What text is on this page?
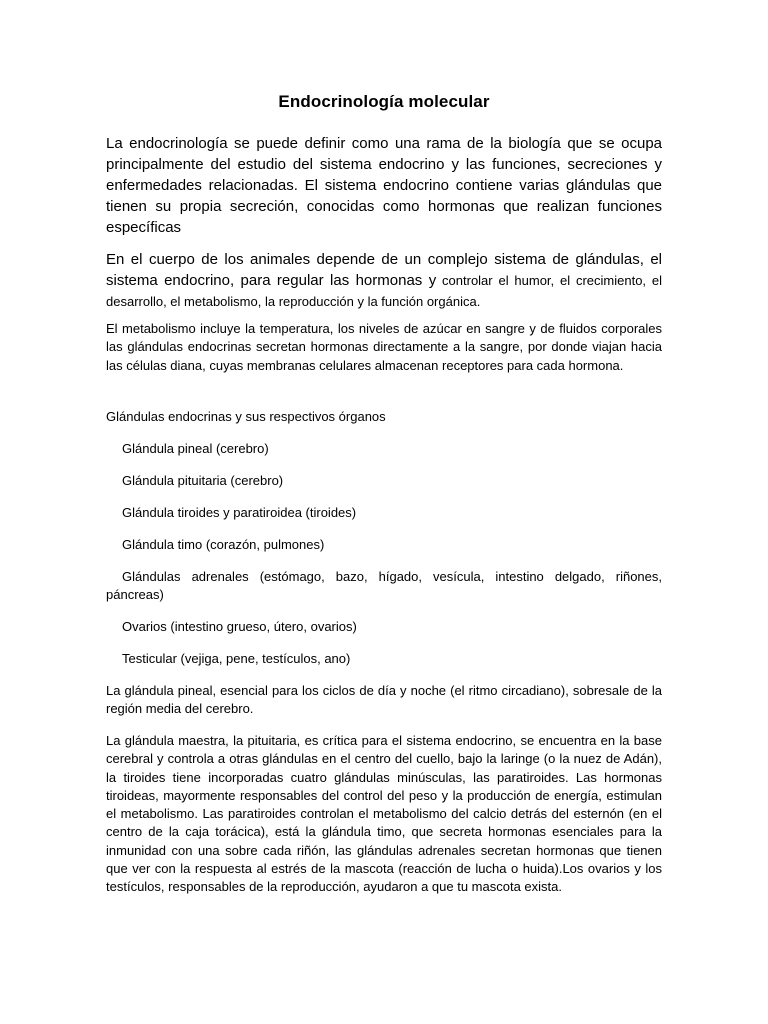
Endocrinología molecular

La endocrinología se puede definir como una rama de la biología que se ocupa principalmente del estudio del sistema endocrino y las funciones, secreciones y enfermedades relacionadas. El sistema endocrino contiene varias glándulas que tienen su propia secreción, conocidas como hormonas que realizan funciones específicas

En el cuerpo de los animales depende de un complejo sistema de glándulas, el sistema endocrino, para regular las hormonas y controlar el humor, el crecimiento, el desarrollo, el metabolismo, la reproducción y la función orgánica.

El metabolismo incluye la temperatura, los niveles de azúcar en sangre y de fluidos corporales las glándulas endocrinas secretan hormonas directamente a la sangre, por donde viajan hacia las células diana, cuyas membranas celulares almacenan receptores para cada hormona.

Glándulas endocrinas y sus respectivos órganos

Glándula pineal (cerebro)

Glándula pituitaria (cerebro)

Glándula tiroides y paratiroidea (tiroides)

Glándula timo (corazón, pulmones)

Glándulas adrenales (estómago, bazo, hígado, vesícula, intestino delgado, riñones, páncreas)

Ovarios (intestino grueso, útero, ovarios)

Testicular (vejiga, pene, testículos, ano)

La glándula pineal, esencial para los ciclos de día y noche (el ritmo circadiano), sobresale de la región media del cerebro.

La glándula maestra, la pituitaria, es crítica para el sistema endocrino, se encuentra en la base cerebral y controla a otras glándulas en el centro del cuello, bajo la laringe (o la nuez de Adán), la tiroides tiene incorporadas cuatro glándulas minúsculas, las paratiroides. Las hormonas tiroideas, mayormente responsables del control del peso y la producción de energía, estimulan el metabolismo. Las paratiroides controlan el metabolismo del calcio detrás del esternón (en el centro de la caja torácica), está la glándula timo, que secreta hormonas esenciales para la inmunidad con una sobre cada riñón, las glándulas adrenales secretan hormonas que tienen que ver con la respuesta al estrés de la mascota (reacción de lucha o huida).Los ovarios y los testículos, responsables de la reproducción, ayudaron a que tu mascota exista.
